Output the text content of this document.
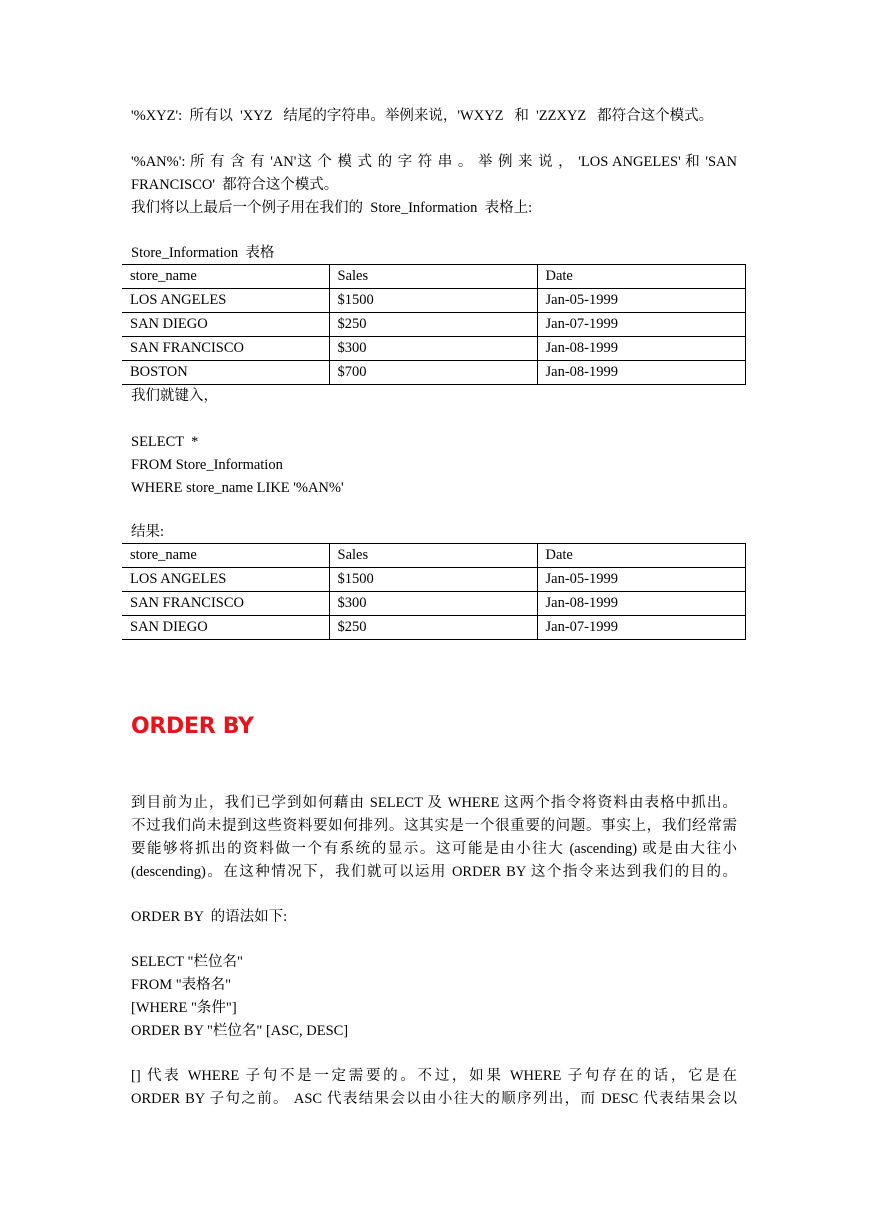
'%XYZ':  所有以  'XYZ   结尾的字符串。举例来说，'WXYZ   和  'ZZXYZ   都符合这个模式。
'%AN%': 所 有 含 有 'AN'这 个 模 式 的 字 符 串 。 举 例 来 说 ， 'LOS ANGELES' 和 'SAN
FRANCISCO'  都符合这个模式。
我们将以上最后一个例子用在我们的  Store_Information  表格上:
Store_Information  表格
store_name	Sales	Date
LOS ANGELES	$1500	Jan-05-1999
SAN DIEGO	$250	Jan-07-1999
SAN FRANCISCO	$300	Jan-08-1999
BOSTON	$700	Jan-08-1999
我们就键入，
SELECT  *
FROM Store_Information
WHERE store_name LIKE '%AN%'
结果:
store_name	Sales	Date
LOS ANGELES	$1500	Jan-05-1999
SAN FRANCISCO	$300	Jan-08-1999
SAN DIEGO	$250	Jan-07-1999
ORDER BY
到目前为止，我们已学到如何藉由 SELECT 及 WHERE 这两个指令将资料由表格中抓出。
不过我们尚未提到这些资料要如何排列。这其实是一个很重要的问题。事实上，我们经常需
要能够将抓出的资料做一个有系统的显示。这可能是由小往大 (ascending) 或是由大往小
(descending)。在这种情况下，我们就可以运用 ORDER BY 这个指令来达到我们的目的。
ORDER BY  的语法如下:
SELECT "栏位名"
FROM "表格名"
[WHERE "条件"]
ORDER BY "栏位名" [ASC, DESC]
[] 代表 WHERE 子句不是一定需要的。不过，如果 WHERE 子句存在的话，它是在
ORDER BY 子句之前。 ASC 代表结果会以由小往大的顺序列出，而 DESC 代表结果会以
